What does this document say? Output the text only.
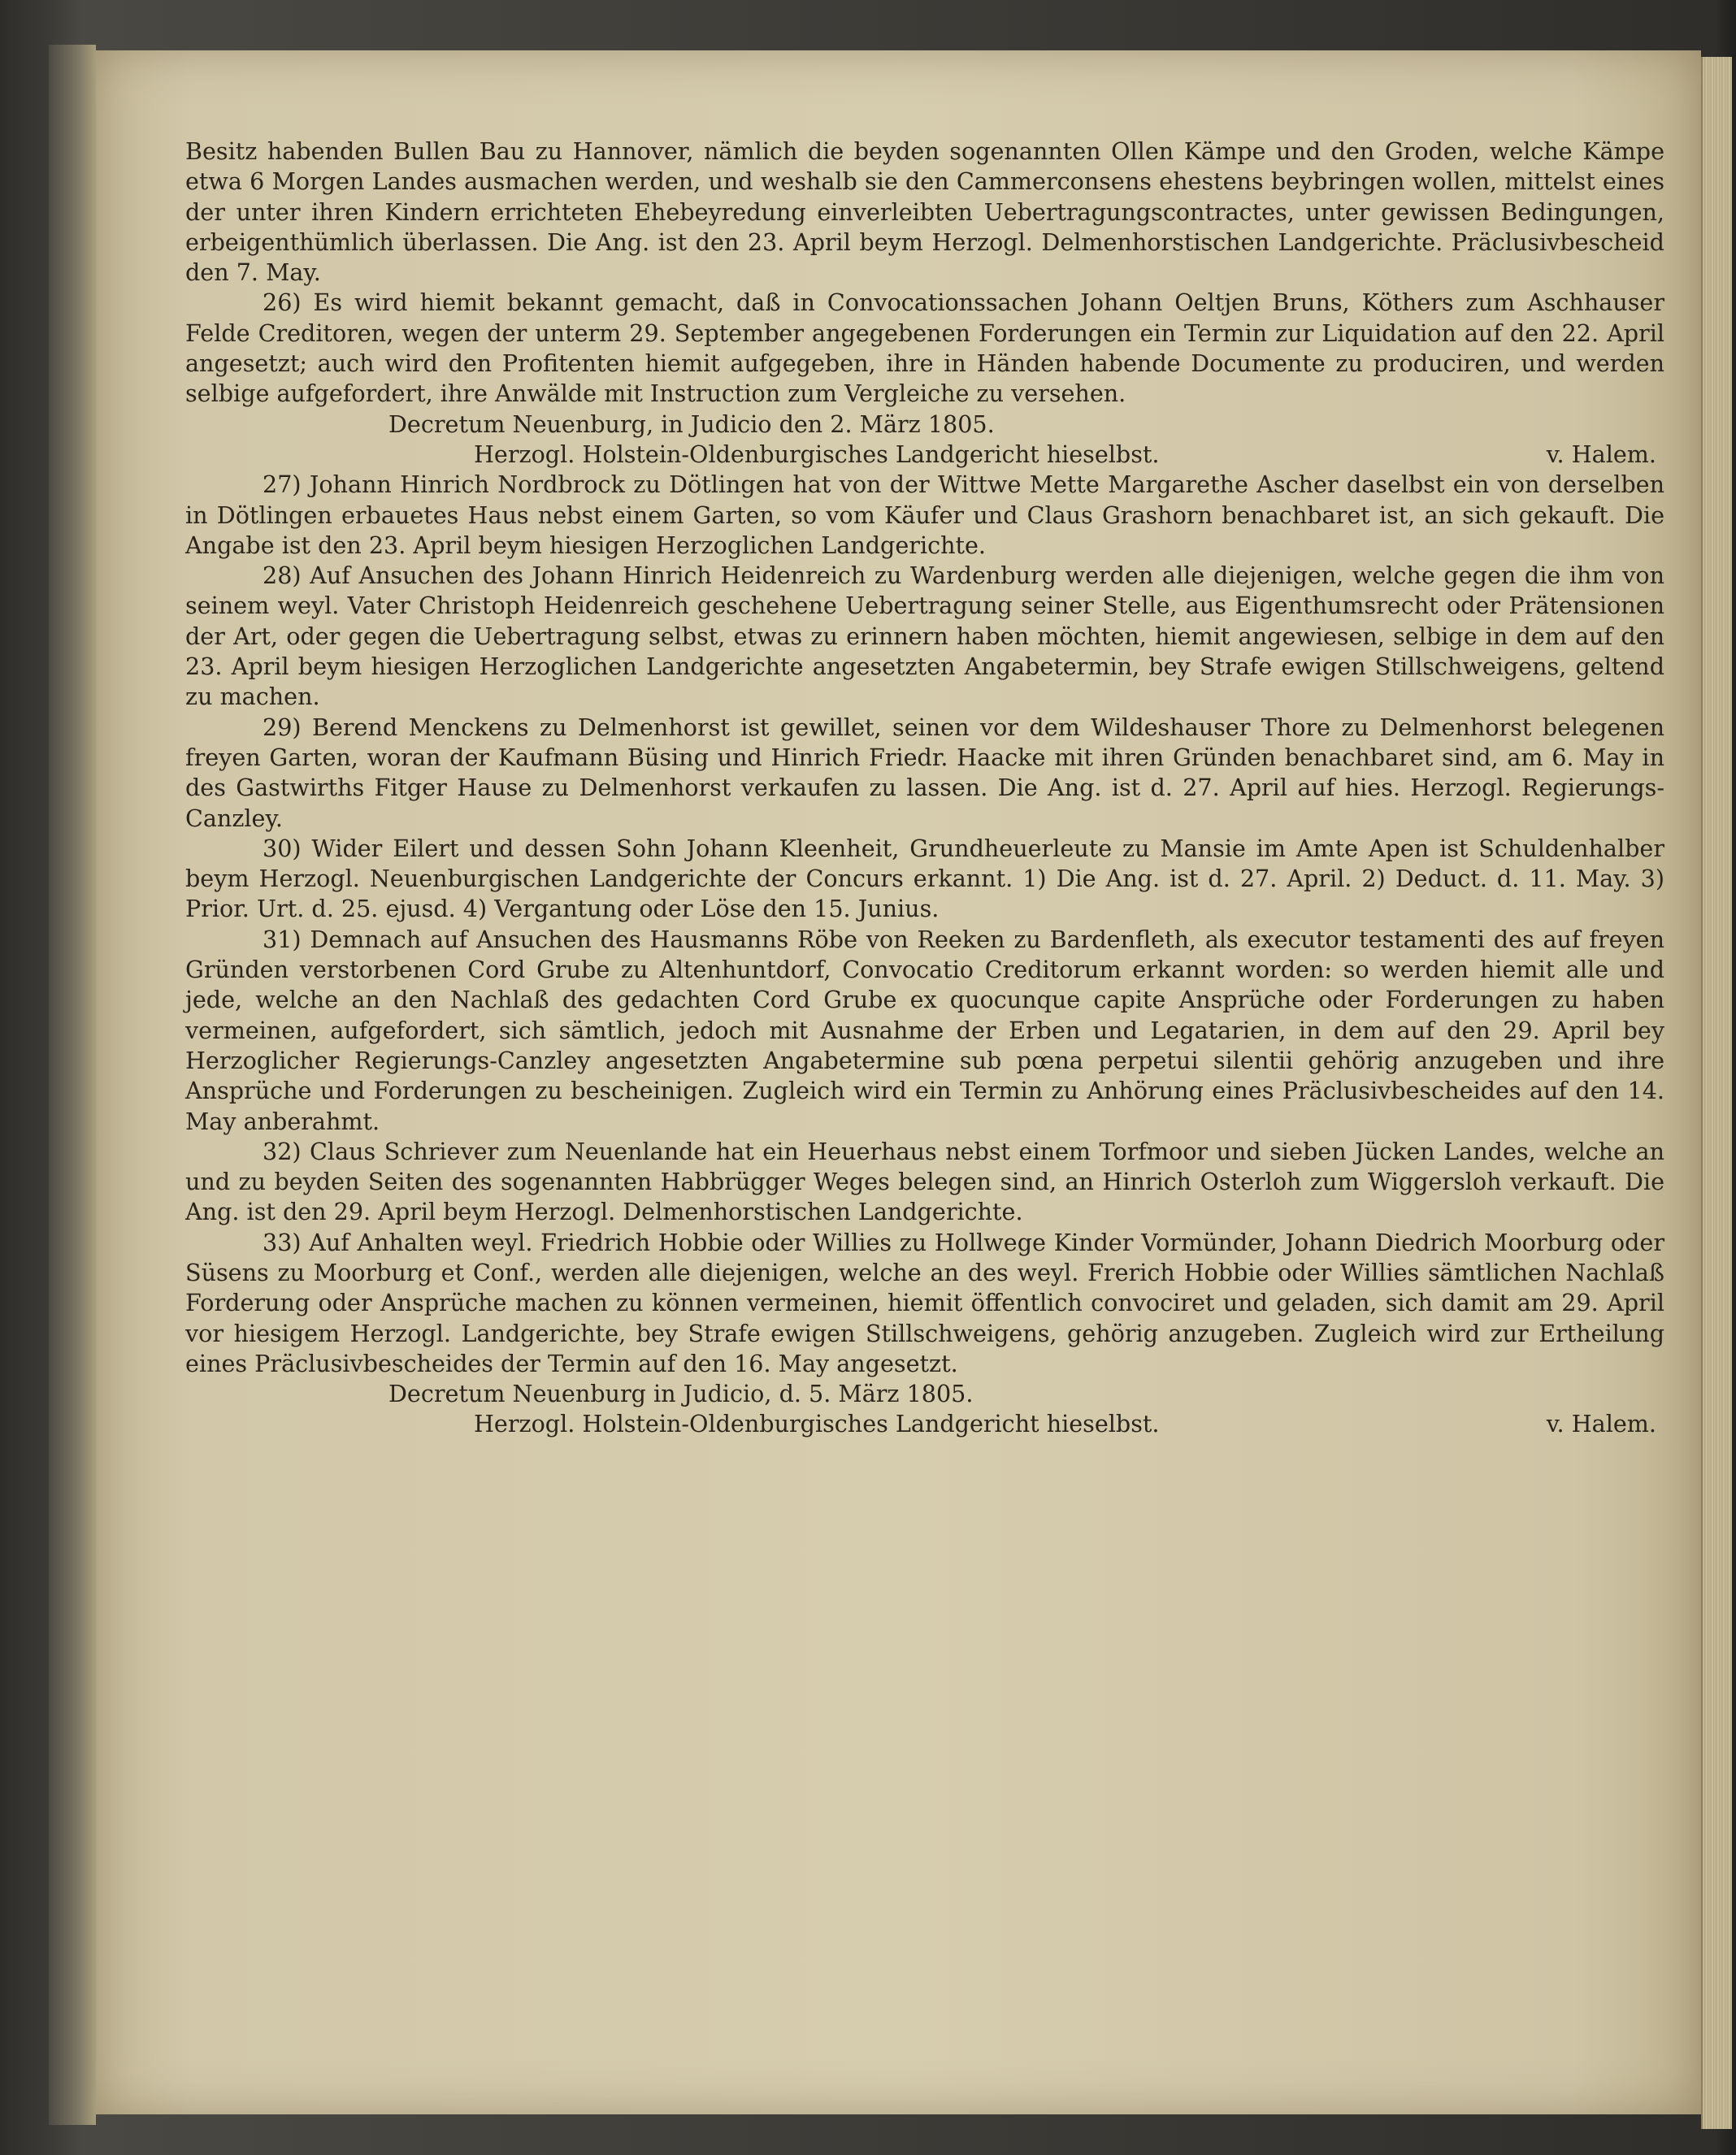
Besitz habenden Bullen Bau zu Hannover, nämlich die beyden sogenannten Ollen Kämpe und den Groden, welche Kämpe etwa 6 Morgen Landes ausmachen werden, und weshalb sie den Cammerconsens ehestens beybringen wollen, mittelst eines der unter ihren Kindern errichteten Ehebeyredung einverleibten Uebertragungscontractes, unter gewissen Bedingungen, erbeigenthümlich überlassen. Die Ang. ist den 23. April beym Herzogl. Delmenhorstischen Landgerichte. Präclusivbescheid den 7. May.

26) Es wird hiemit bekannt gemacht, daß in Convocationssachen Johann Oeltjen Bruns, Köthers zum Aschhauser Felde Creditoren, wegen der unterm 29. September angegebenen Forderungen ein Termin zur Liquidation auf den 22. April angesetzt; auch wird den Profitenten hiemit aufgegeben, ihre in Händen habende Documente zu produciren, und werden selbige aufgefordert, ihre Anwälde mit Instruction zum Vergleiche zu versehen.

Decretum Neuenburg, in Judicio den 2. März 1805.

Herzogl. Holstein-Oldenburgisches Landgericht hieselbst.	v. Halem.

27) Johann Hinrich Nordbrock zu Dötlingen hat von der Wittwe Mette Margarethe Ascher daselbst ein von derselben in Dötlingen erbauetes Haus nebst einem Garten, so vom Käufer und Claus Grashorn benachbaret ist, an sich gekauft. Die Angabe ist den 23. April beym hiesigen Herzoglichen Landgerichte.

28) Auf Ansuchen des Johann Hinrich Heidenreich zu Wardenburg werden alle diejenigen, welche gegen die ihm von seinem weyl. Vater Christoph Heidenreich geschehene Uebertragung seiner Stelle, aus Eigenthumsrecht oder Prätensionen der Art, oder gegen die Uebertragung selbst, etwas zu erinnern haben möchten, hiemit angewiesen, selbige in dem auf den 23. April beym hiesigen Herzoglichen Landgerichte angesetzten Angabetermin, bey Strafe ewigen Stillschweigens, geltend zu machen.

29) Berend Menckens zu Delmenhorst ist gewillet, seinen vor dem Wildeshauser Thore zu Delmenhorst belegenen freyen Garten, woran der Kaufmann Büsing und Hinrich Friedr. Haacke mit ihren Gründen benachbaret sind, am 6. May in des Gastwirths Fitger Hause zu Delmenhorst verkaufen zu lassen. Die Ang. ist d. 27. April auf hies. Herzogl. Regierungs-Canzley.

30) Wider Eilert und dessen Sohn Johann Kleenheit, Grundheuerleute zu Mansie im Amte Apen ist Schuldenhalber beym Herzogl. Neuenburgischen Landgerichte der Concurs erkannt. 1) Die Ang. ist d. 27. April. 2) Deduct. d. 11. May. 3) Prior. Urt. d. 25. ejusd. 4) Vergantung oder Löse den 15. Junius.

31) Demnach auf Ansuchen des Hausmanns Röbe von Reeken zu Bardenfleth, als executor testamenti des auf freyen Gründen verstorbenen Cord Grube zu Altenhuntdorf, Convocatio Creditorum erkannt worden: so werden hiemit alle und jede, welche an den Nachlaß des gedachten Cord Grube ex quocunque capite Ansprüche oder Forderungen zu haben vermeinen, aufgefordert, sich sämtlich, jedoch mit Ausnahme der Erben und Legatarien, in dem auf den 29. April bey Herzoglicher Regierungs-Canzley angesetzten Angabetermine sub pœna perpetui silentii gehörig anzugeben und ihre Ansprüche und Forderungen zu bescheinigen. Zugleich wird ein Termin zu Anhörung eines Präclusivbescheides auf den 14. May anberahmt.

32) Claus Schriever zum Neuenlande hat ein Heuerhaus nebst einem Torfmoor und sieben Jücken Landes, welche an und zu beyden Seiten des sogenannten Habbrügger Weges belegen sind, an Hinrich Osterloh zum Wiggersloh verkauft. Die Ang. ist den 29. April beym Herzogl. Delmenhorstischen Landgerichte.

33) Auf Anhalten weyl. Friedrich Hobbie oder Willies zu Hollwege Kinder Vormünder, Johann Diedrich Moorburg oder Süsens zu Moorburg et Conf., werden alle diejenigen, welche an des weyl. Frerich Hobbie oder Willies sämtlichen Nachlaß Forderung oder Ansprüche machen zu können vermeinen, hiemit öffentlich convociret und geladen, sich damit am 29. April vor hiesigem Herzogl. Landgerichte, bey Strafe ewigen Stillschweigens, gehörig anzugeben. Zugleich wird zur Ertheilung eines Präclusivbescheides der Termin auf den 16. May angesetzt.

Decretum Neuenburg in Judicio, d. 5. März 1805.

Herzogl. Holstein-Oldenburgisches Landgericht hieselbst.	v. Halem.
